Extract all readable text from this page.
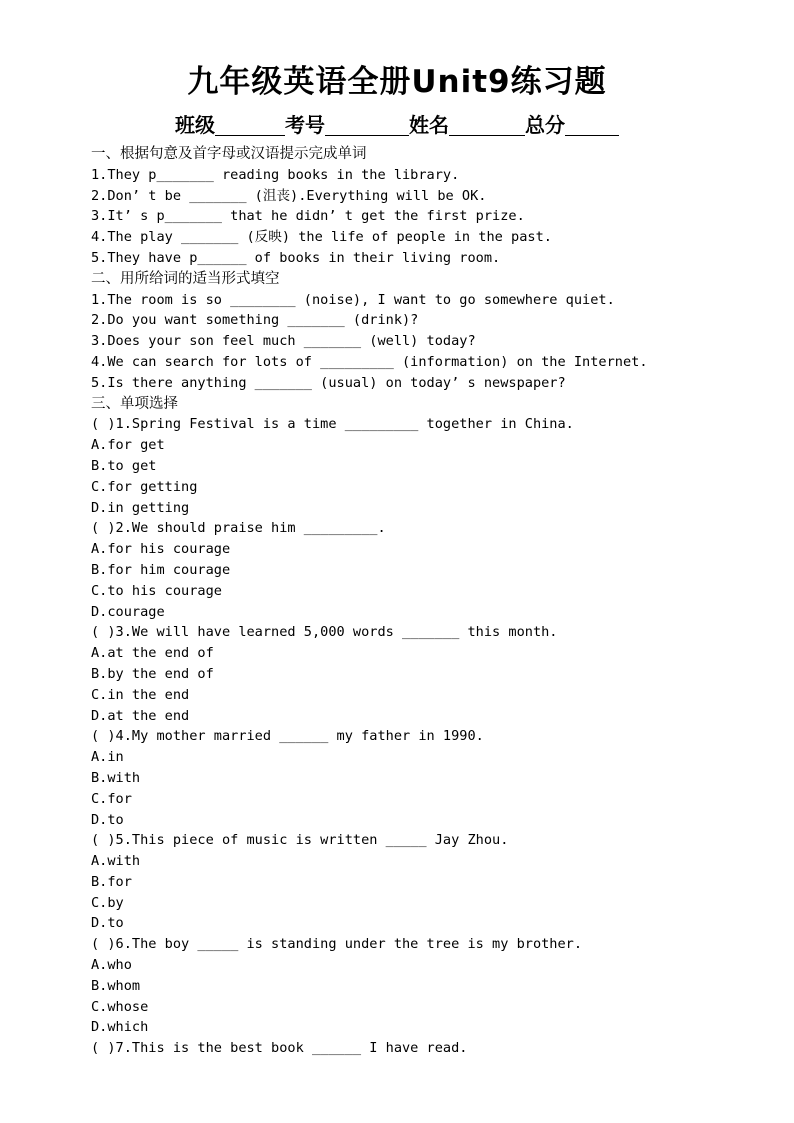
九年级英语全册Unit9练习题
班级	考号	姓名	总分
一、根据句意及首字母或汉语提示完成单词
1.They p_______ reading books in the library.
2.Don’ t be _______ (沮丧).Everything will be OK.
3.It’ s p_______ that he didn’ t get the first prize.
4.The play _______ (反映) the life of people in the past.
5.They have p______ of books in their living room.
二、用所给词的适当形式填空
1.The room is so ________ (noise), I want to go somewhere quiet.
2.Do you want something _______ (drink)?
3.Does your son feel much _______ (well) today?
4.We can search for lots of _________ (information) on the Internet.
5.Is there anything _______ (usual) on today’ s newspaper?
三、单项选择
( )1.Spring Festival is a time _________ together in China.
A.for get
B.to get
C.for getting
D.in getting
( )2.We should praise him _________.
A.for his courage
B.for him courage
C.to his courage
D.courage
( )3.We will have learned 5,000 words _______ this month.
A.at the end of
B.by the end of
C.in the end
D.at the end
( )4.My mother married ______ my father in 1990.
A.in
B.with
C.for
D.to
( )5.This piece of music is written _____ Jay Zhou.
A.with
B.for
C.by
D.to
( )6.The boy _____ is standing under the tree is my brother.
A.who
B.whom
C.whose
D.which
( )7.This is the best book ______ I have read.
